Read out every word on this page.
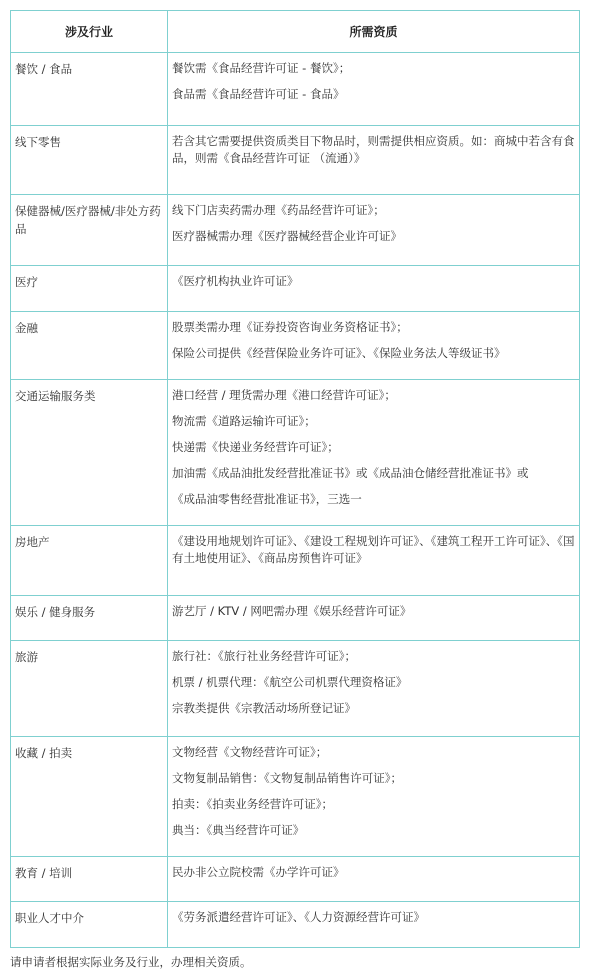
涉及行业	所需资质
餐饮 / 食品	餐饮需《食品经营许可证 - 餐饮》；
食品需《食品经营许可证 - 食品》

线下零售	若含其它需要提供资质类目下物品时，则需提供相应资质。如：商城中若含有食品，则需《食品经营许可证 （流通）》

保健器械/医疗器械/非处方药品	线下门店卖药需办理《药品经营许可证》；
医疗器械需办理《医疗器械经营企业许可证》

医疗	《医疗机构执业许可证》

金融	股票类需办理《证券投资咨询业务资格证书》；
保险公司提供《经营保险业务许可证》、《保险业务法人等级证书》

交通运输服务类	港口经营 / 理货需办理《港口经营许可证》；
物流需《道路运输许可证》；
快递需《快递业务经营许可证》；
加油需《成品油批发经营批准证书》或《成品油仓储经营批准证书》或
《成品油零售经营批准证书》，三选一

房地产	《建设用地规划许可证》、《建设工程规划许可证》、《建筑工程开工许可证》、《国有土地使用证》、《商品房预售许可证》

娱乐 / 健身服务	游艺厅 / KTV / 网吧需办理《娱乐经营许可证》

旅游	旅行社：《旅行社业务经营许可证》；
机票 / 机票代理：《航空公司机票代理资格证》
宗教类提供《宗教活动场所登记证》

收藏 / 拍卖	文物经营《文物经营许可证》；
文物复制品销售：《文物复制品销售许可证》；
拍卖：《拍卖业务经营许可证》；
典当：《典当经营许可证》

教育 / 培训	民办非公立院校需《办学许可证》

职业人才中介	《劳务派遣经营许可证》、《人力资源经营许可证》
请申请者根据实际业务及行业，办理相关资质。
